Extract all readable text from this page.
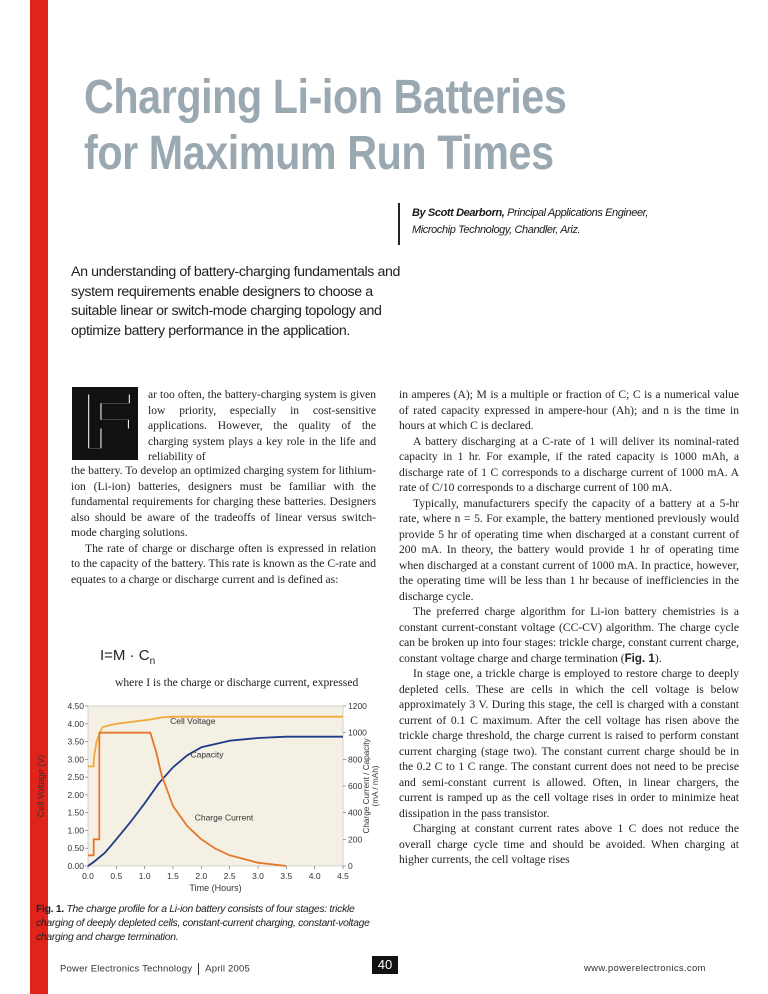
Charging Li-ion Batteries
for Maximum Run Times
By Scott Dearborn, Principal Applications Engineer,
Microchip Technology, Chandler, Ariz.
An understanding of battery-charging fundamentals and system requirements enable designers to choose a suitable linear or switch-mode charging topology and optimize battery performance in the application.
F ar too often, the battery-charging system is given low priority, especially in cost-sensitive applications. However, the quality of the charging system plays a key role in the life and reliability of

the battery. To develop an optimized charging system for lithium-ion (Li-ion) batteries, designers must be familiar with the fundamental requirements for charging these batteries. Designers also should be aware of the tradeoffs of linear versus switch-mode charging solutions.

The rate of charge or discharge often is expressed in relation to the capacity of the battery. This rate is known as the C-rate and equates to a charge or discharge current and is defined as:

$I=M \cdot C_n$
where I is the charge or discharge current, expressed
0.00
0.50
1.00
1.50
2.00
2.50
3.00
3.50
4.00
4.50
0
200
400
600
800
1000
1200
0.0 0.5 1.0 1.5 2.0 2.5 3.0 3.5 4.0 4.5
Time (Hours)
Cell Voltage (V)	Charge Current / Capacity(mA / mAh)
Cell Voltage
Capacity
Charge Current
Fig. 1. The charge profile for a Li-ion battery consists of four stages: trickle charging of deeply depleted cells, constant-current charging, constant-voltage charging and charge termination.

in amperes (A); M is a multiple or fraction of C; C is a numerical value of rated capacity expressed in ampere-hour (Ah); and n is the time in hours at which C is declared.

A battery discharging at a C-rate of 1 will deliver its nominal-rated capacity in 1 hr. For example, if the rated capacity is 1000 mAh, a discharge rate of 1 C corresponds to a discharge current of 1000 mA. A rate of C/10 corresponds to a discharge current of 100 mA.

Typically, manufacturers specify the capacity of a battery at a 5-hr rate, where n = 5. For example, the battery mentioned previously would provide 5 hr of operating time when discharged at a constant current of 200 mA. In theory, the battery would provide 1 hr of operating time when discharged at a constant current of 1000 mA. In practice, however, the operating time will be less than 1 hr because of inefficiencies in the discharge cycle.

The preferred charge algorithm for Li-ion battery chemistries is a constant current-constant voltage (CC-CV) algorithm. The charge cycle can be broken up into four stages: trickle charge, constant current charge, constant voltage charge and charge termination (Fig. 1).

In stage one, a trickle charge is employed to restore charge to deeply depleted cells. These are cells in which the cell voltage is below approximately 3 V. During this stage, the cell is charged with a constant current of 0.1 C maximum. After the cell voltage has risen above the trickle charge threshold, the charge current is raised to perform constant current charging (stage two). The constant current charge should be in the 0.2 C to 1 C range. The constant current does not need to be precise and semi-constant current is allowed. Often, in linear chargers, the current is ramped up as the cell voltage rises in order to minimize heat dissipation in the pass transistor.

Charging at constant current rates above 1 C does not reduce the overall charge cycle time and should be avoided. When charging at higher currents, the cell voltage rises

Power Electronics Technology April 2005	40	www.powerelectronics.com
